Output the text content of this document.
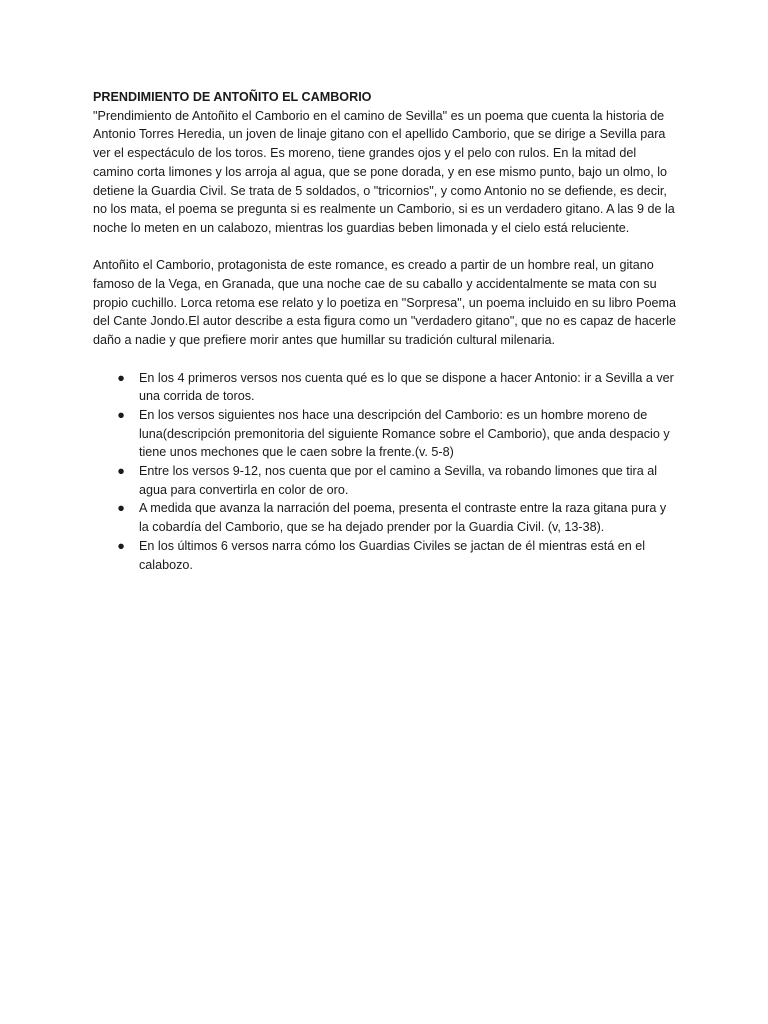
PRENDIMIENTO DE ANTOÑITO EL CAMBORIO

"Prendimiento de Antoñito el Camborio en el camino de Sevilla" es un poema que cuenta la historia de Antonio Torres Heredia, un joven de linaje gitano con el apellido Camborio, que se dirige a Sevilla para ver el espectáculo de los toros. Es moreno, tiene grandes ojos y el pelo con rulos. En la mitad del camino corta limones y los arroja al agua, que se pone dorada, y en ese mismo punto, bajo un olmo, lo detiene la Guardia Civil. Se trata de 5 soldados, o "tricornios", y como Antonio no se defiende, es decir, no los mata, el poema se pregunta si es realmente un Camborio, si es un verdadero gitano. A las 9 de la noche lo meten en un calabozo, mientras los guardias beben limonada y el cielo está reluciente.

Antoñito el Camborio, protagonista de este romance, es creado a partir de un hombre real, un gitano famoso de la Vega, en Granada, que una noche cae de su caballo y accidentalmente se mata con su propio cuchillo. Lorca retoma ese relato y lo poetiza en "Sorpresa", un poema incluido en su libro Poema del Cante Jondo.El autor describe a esta figura como un "verdadero gitano", que no es capaz de hacerle daño a nadie y que prefiere morir antes que humillar su tradición cultural milenaria.

● En los 4 primeros versos nos cuenta qué es lo que se dispone a hacer Antonio: ir a Sevilla a ver una corrida de toros.
● En los versos siguientes nos hace una descripción del Camborio: es un hombre moreno de luna(descripción premonitoria del siguiente Romance sobre el Camborio), que anda despacio y tiene unos mechones que le caen sobre la frente.(v. 5-8)
● Entre los versos 9-12, nos cuenta que por el camino a Sevilla, va robando limones que tira al agua para convertirla en color de oro.
● A medida que avanza la narración del poema, presenta el contraste entre la raza gitana pura y la cobardía del Camborio, que se ha dejado prender por la Guardia Civil. (v, 13-38).
● En los últimos 6 versos narra cómo los Guardias Civiles se jactan de él mientras está en el calabozo.
